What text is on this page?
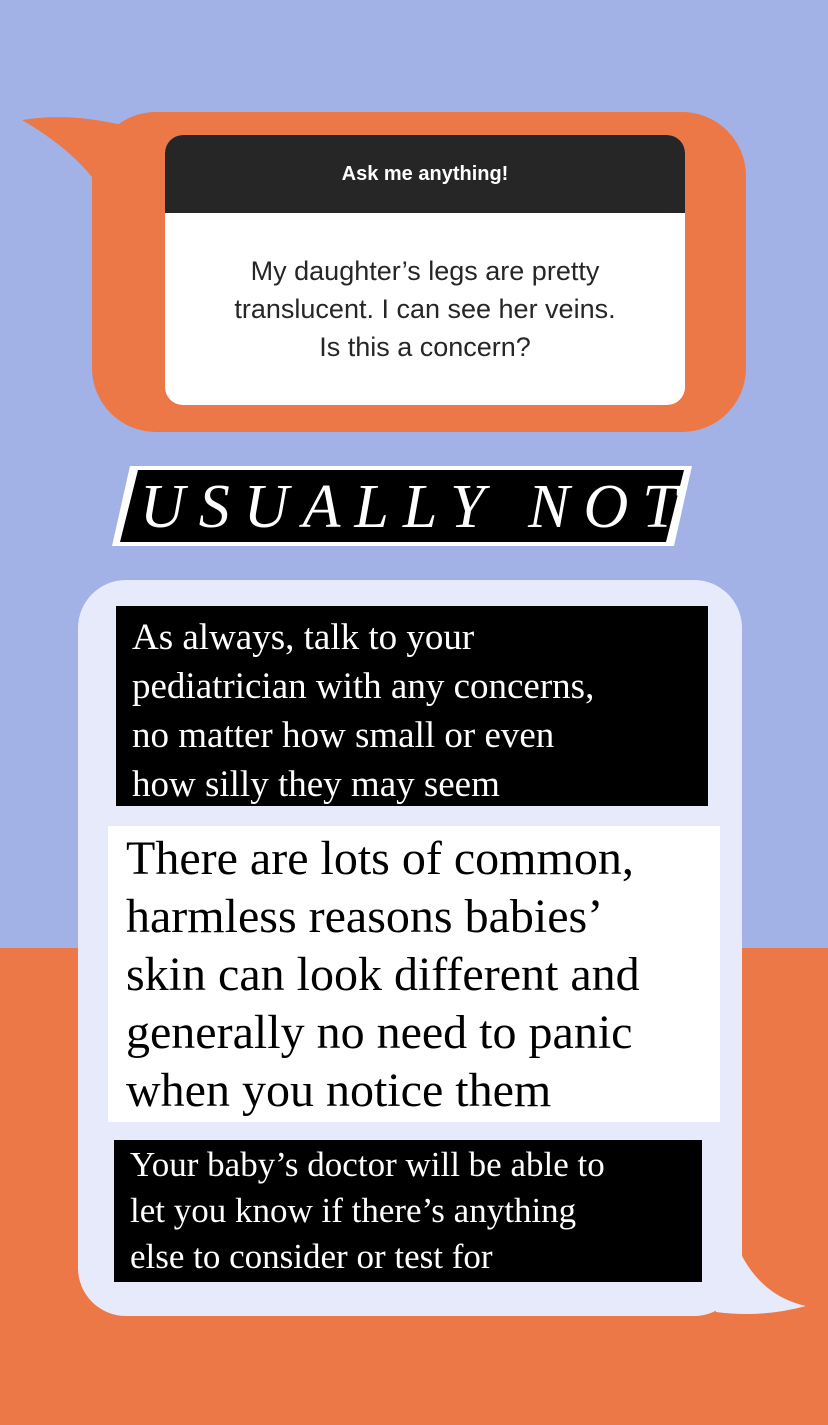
Ask me anything!
My daughter’s legs are pretty
translucent. I can see her veins.
Is this a concern?
USUALLY NOT
As always, talk to your
pediatrician with any concerns,
no matter how small or even
how silly they may seem
There are lots of common,
harmless reasons babies’
skin can look different and
generally no need to panic
when you notice them
Your baby’s doctor will be able to
let you know if there’s anything
else to consider or test for
